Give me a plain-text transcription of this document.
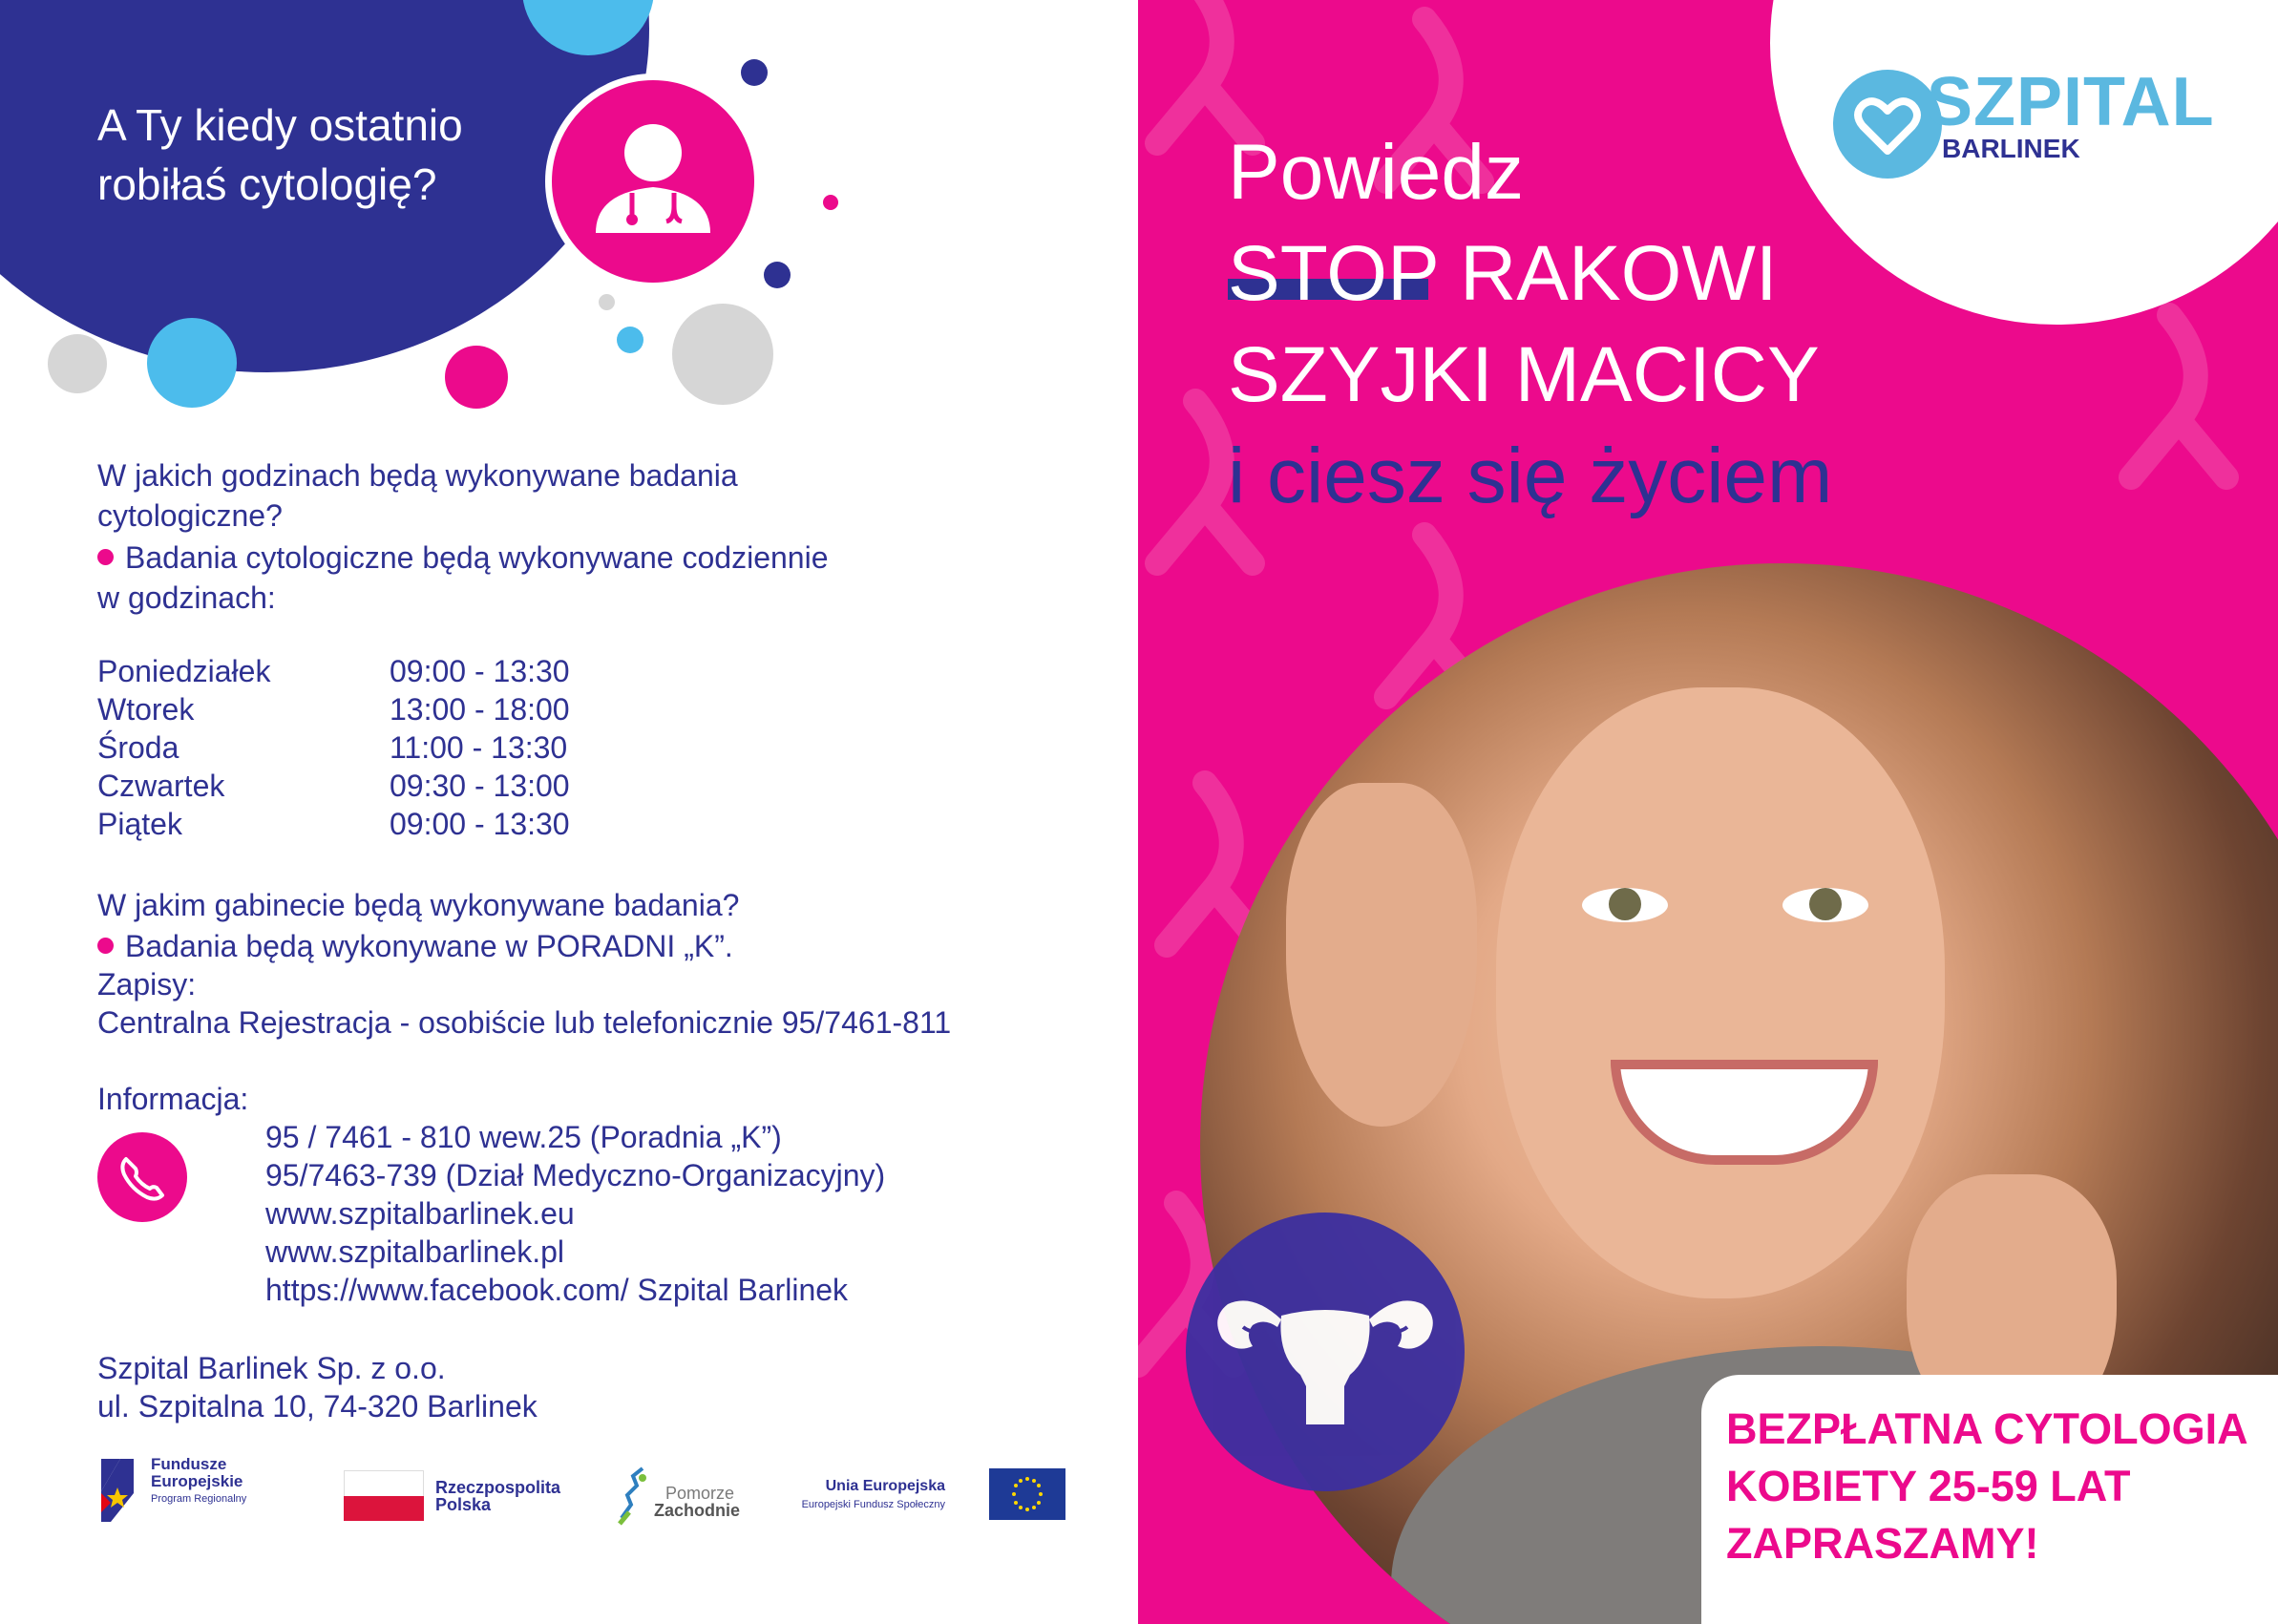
A Ty kiedy ostatnio robiłaś cytologię?
W jakich godzinach będą wykonywane badania
cytologiczne?
Badania cytologiczne będą wykonywane codziennie
w godzinach:
Poniedziałek	09:00 - 13:30
Wtorek	13:00 - 18:00
Środa	11:00 - 13:30
Czwartek	09:30 - 13:00
Piątek	09:00 - 13:30
W jakim gabinecie będą wykonywane badania?
Badania będą wykonywane w PORADNI „K”.
Zapisy:
Centralna Rejestracja - osobiście lub telefonicznie 95/7461-811
Informacja:
95 / 7461 - 810 wew.25 (Poradnia „K”)
95/7463-739 (Dział Medyczno-Organizacyjny)
www.szpitalbarlinek.eu
www.szpitalbarlinek.pl
https://www.facebook.com/ Szpital Barlinek
Szpital Barlinek Sp. z o.o.
ul. Szpitalna 10, 74-320 Barlinek
Fundusze
Europejskie
Program Regionalny
Rzeczpospolita
Polska
Pomorze
Zachodnie
Unia Europejska
Europejski Fundusz Społeczny
SZPITAL
BARLINEK
Powiedz
STOP RAKOWI
SZYJKI MACICY
i ciesz się życiem
BEZPŁATNA CYTOLOGIA
KOBIETY 25-59 LAT
ZAPRASZAMY!
